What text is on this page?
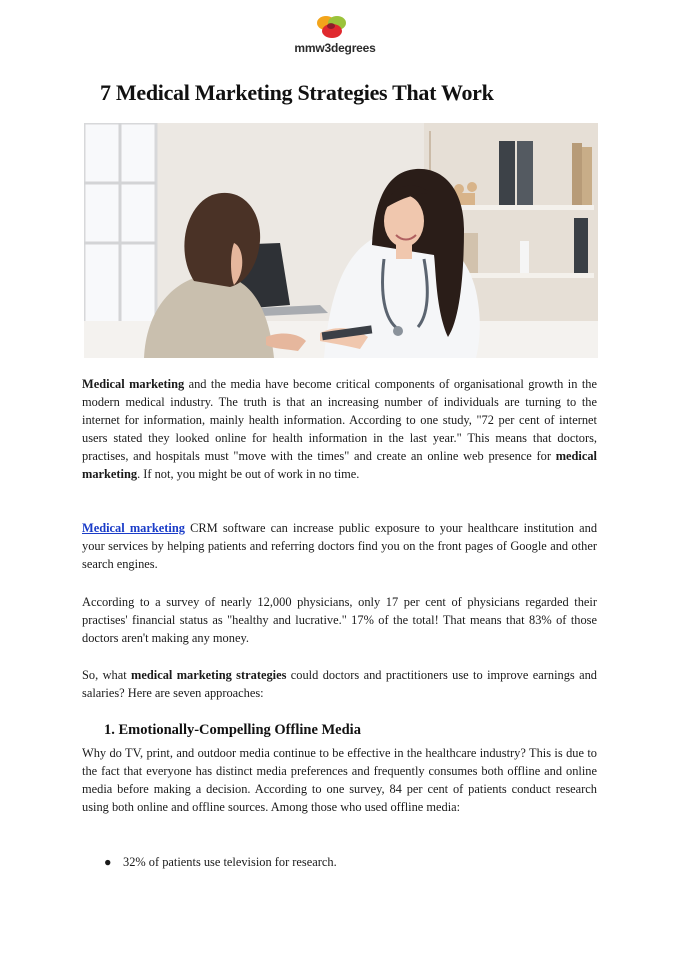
mmw3degrees
7 Medical Marketing Strategies That Work

Medical marketing and the media have become critical components of organisational growth in the modern medical industry. The truth is that an increasing number of individuals are turning to the internet for information, mainly health information. According to one study, "72 per cent of internet users stated they looked online for health information in the last year." This means that doctors, practises, and hospitals must "move with the times" and create an online web presence for medical marketing. If not, you might be out of work in no time.

Medical marketing CRM software can increase public exposure to your healthcare institution and your services by helping patients and referring doctors find you on the front pages of Google and other search engines.

According to a survey of nearly 12,000 physicians, only 17 per cent of physicians regarded their practises' financial status as "healthy and lucrative." 17% of the total! That means that 83% of those doctors aren't making any money.

So, what medical marketing strategies could doctors and practitioners use to improve earnings and salaries? Here are seven approaches:

1. Emotionally-Compelling Offline Media

Why do TV, print, and outdoor media continue to be effective in the healthcare industry? This is due to the fact that everyone has distinct media preferences and frequently consumes both offline and online media before making a decision. According to one survey, 84 per cent of patients conduct research using both online and offline sources. Among those who used offline media:

● 32% of patients use television for research.
